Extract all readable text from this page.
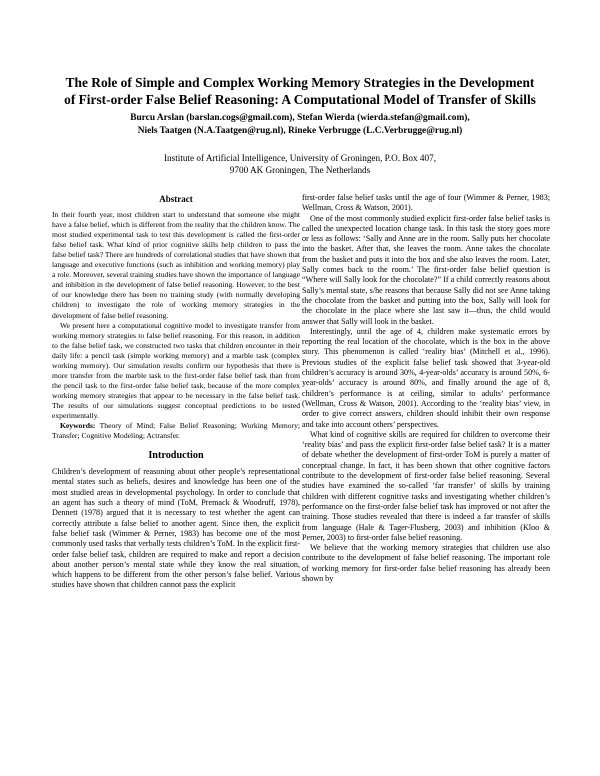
The Role of Simple and Complex Working Memory Strategies in the Development
of First-order False Belief Reasoning: A Computational Model of Transfer of Skills
Burcu Arslan (barslan.cogs@gmail.com), Stefan Wierda (wierda.stefan@gmail.com),
Niels Taatgen (N.A.Taatgen@rug.nl), Rineke Verbrugge (L.C.Verbrugge@rug.nl)
Institute of Artificial Intelligence, University of Groningen, P.O. Box 407,
9700 AK Groningen, The Netherlands
Abstract

In their fourth year, most children start to understand that someone else might have a false belief, which is different from the reality that the children know. The most studied experimental task to test this development is called the first-order false belief task. What kind of prior cognitive skills help children to pass the false belief task? There are hundreds of correlational studies that have shown that language and executive functions (such as inhibition and working memory) play a role. Moreover, several training studies have shown the importance of language and inhibition in the development of false belief reasoning. However, to the best of our knowledge there has been no training study (with normally developing children) to investigate the role of working memory strategies in the development of false belief reasoning.

We present here a computational cognitive model to investigate transfer from working memory strategies to false belief reasoning. For this reason, in addition to the false belief task, we constructed two tasks that children encounter in their daily life: a pencil task (simple working memory) and a marble task (complex working memory). Our simulation results confirm our hypothesis that there is more transfer from the marble task to the first-order false belief task than from the pencil task to the first-order false belief task, because of the more complex working memory strategies that appear to be necessary in the false belief task. The results of our simulations suggest conceptual predictions to be tested experimentally.

Keywords: Theory of Mind; False Belief Reasoning; Working Memory; Transfer; Cognitive Modeling; Actransfer.

Introduction

Children’s development of reasoning about other people’s representational mental states such as beliefs, desires and knowledge has been one of the most studied areas in developmental psychology. In order to conclude that an agent has such a theory of mind (ToM, Premack & Woodruff, 1978), Dennett (1978) argued that it is necessary to test whether the agent can correctly attribute a false belief to another agent. Since then, the explicit false belief task (Wimmer & Perner, 1983) has become one of the most commonly used tasks that verbally tests children’s ToM. In the explicit first-order false belief task, children are required to make and report a decision about another person’s mental state while they know the real situation, which happens to be different from the other person’s false belief. Various studies have shown that children cannot pass the explicit

first-order false belief tasks until the age of four (Wimmer & Perner, 1983; Wellman, Cross & Watson, 2001).

One of the most commonly studied explicit first-order false belief tasks is called the unexpected location change task. In this task the story goes more or less as follows: ‘Sally and Anne are in the room. Sally puts her chocolate into the basket. After that, she leaves the room. Anne takes the chocolate from the basket and puts it into the box and she also leaves the room. Later, Sally comes back to the room.’ The first-order false belief question is “Where will Sally look for the chocolate?” If a child correctly reasons about Sally’s mental state, s/he reasons that because Sally did not see Anne taking the chocolate from the basket and putting into the box, Sally will look for the chocolate in the place where she last saw it—thus, the child would answer that Sally will look in the basket.

Interestingly, until the age of 4, children make systematic errors by reporting the real location of the chocolate, which is the box in the above story. This phenomenon is called ‘reality bias’ (Mitchell et al., 1996). Previous studies of the explicit false belief task showed that 3-year-old children’s accuracy is around 30%, 4-year-olds’ accuracy is around 50%, 6-year-olds’ accuracy is around 80%, and finally around the age of 8, children’s performance is at ceiling, similar to adults’ performance (Wellman, Cross & Watson, 2001). According to the ‘reality bias’ view, in order to give correct answers, children should inhibit their own response and take into account others’ perspectives.

What kind of cognitive skills are required for children to overcome their ‘reality bias’ and pass the explicit first-order false belief task? It is a matter of debate whether the development of first-order ToM is purely a matter of conceptual change. In fact, it has been shown that other cognitive factors contribute to the development of first-order false belief reasoning. Several studies have examined the so-called ‘far transfer’ of skills by training children with different cognitive tasks and investigating whether children’s performance on the first-order false belief task has improved or not after the training. Those studies revealed that there is indeed a far transfer of skills from language (Hale & Tager-Flusberg, 2003) and inhibition (Kloo & Perner, 2003) to first-order false belief reasoning.

We believe that the working memory strategies that children use also contribute to the development of false belief reasoning. The important role of working memory for first-order false belief reasoning has already been shown by
